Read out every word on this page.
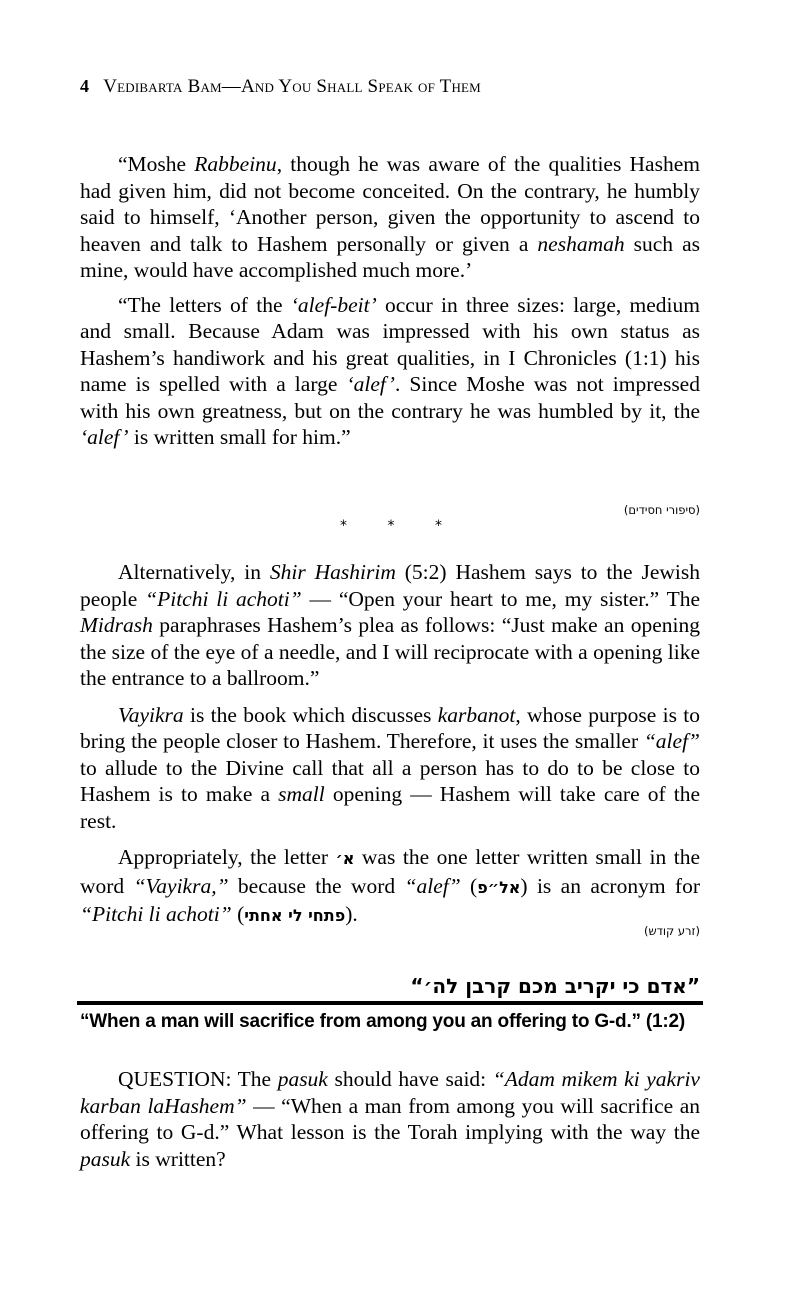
4 Vedibarta Bam—And You Shall Speak of Them

“Moshe Rabbeinu, though he was aware of the qualities Hashem had given him, did not become conceited. On the contrary, he humbly said to himself, ‘Another person, given the opportunity to ascend to heaven and talk to Hashem personally or given a neshamah such as mine, would have accomplished much more.’

“The letters of the ‘alef-beit’ occur in three sizes: large, medium and small. Because Adam was impressed with his own status as Hashem’s handiwork and his great qualities, in I Chronicles (1:1) his name is spelled with a large ‘alef’. Since Moshe was not impressed with his own greatness, but on the contrary he was humbled by it, the ‘alef’ is written small for him.”

(סיפורי חסידים)
* * *

Alternatively, in Shir Hashirim (5:2) Hashem says to the Jewish people “Pitchi li achoti” — “Open your heart to me, my sister.” The Midrash paraphrases Hashem’s plea as follows: “Just make an opening the size of the eye of a needle, and I will reciprocate with a opening like the entrance to a ballroom.”

Vayikra is the book which discusses karbanot, whose purpose is to bring the people closer to Hashem. Therefore, it uses the smaller “alef” to allude to the Divine call that all a person has to do to be close to Hashem is to make a small opening — Hashem will take care of the rest.

Appropriately, the letter א׳ was the one letter written small in the word “Vayikra,” because the word “alef” (אל״פ) is an acronym for “Pitchi li achoti” (פתחי לי אחתי).

(זרע קודש)
”אדם כי יקריב מכם קרבן לה׳“
“When a man will sacrifice from among you an offering to G-d.” (1:2)

QUESTION: The pasuk should have said: “Adam mikem ki yakriv karban laHashem” — “When a man from among you will sacrifice an offering to G-d.” What lesson is the Torah implying with the way the pasuk is written?
